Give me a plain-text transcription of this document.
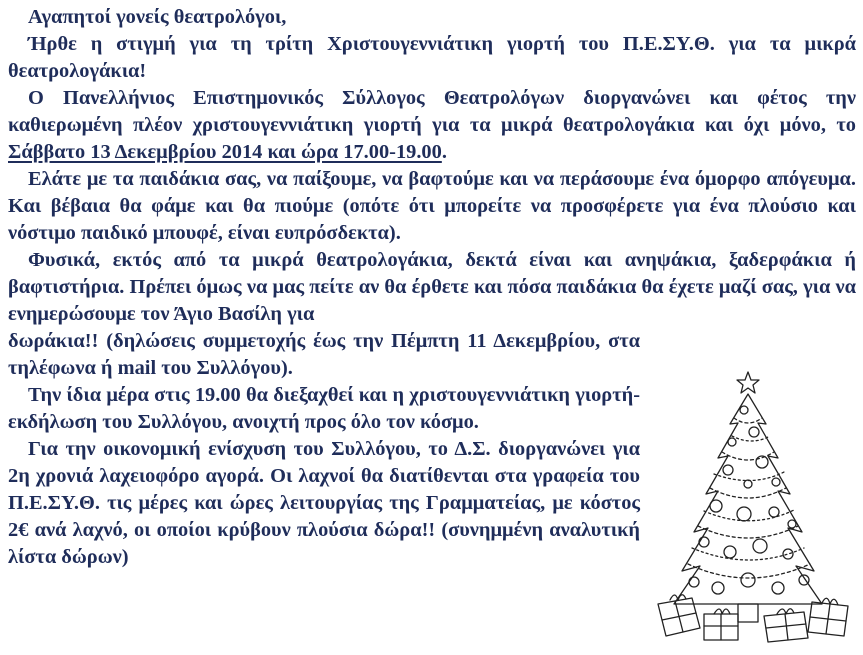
Αγαπητοί γονείς θεατρολόγοι,

Ήρθε η στιγμή για τη τρίτη Χριστουγεννιάτικη γιορτή του Π.Ε.ΣΥ.Θ. για τα μικρά θεατρολογάκια!

Ο Πανελλήνιος Επιστημονικός Σύλλογος Θεατρολόγων διοργανώνει και φέτος την καθιερωμένη πλέον χριστουγεννιάτικη γιορτή για τα μικρά θεατρολογάκια και όχι μόνο, το Σάββατο 13 Δεκεμβρίου 2014 και ώρα 17.00-19.00.

Ελάτε με τα παιδάκια σας, να παίξουμε, να βαφτούμε και να περάσουμε ένα όμορφο απόγευμα. Και βέβαια θα φάμε και θα πιούμε (οπότε ότι μπορείτε να προσφέρετε για ένα πλούσιο και νόστιμο παιδικό μπουφέ, είναι ευπρόσδεκτα).

Φυσικά, εκτός από τα μικρά θεατρολογάκια, δεκτά είναι και ανηψάκια, ξαδερφάκια ή βαφτιστήρια. Πρέπει όμως να μας πείτε αν θα έρθετε και πόσα παιδάκια θα έχετε μαζί σας, για να ενημερώσουμε τον Άγιο Βασίλη για

δωράκια!! (δηλώσεις συμμετοχής έως την Πέμπτη 11 Δεκεμβρίου, στα τηλέφωνα ή mail του Συλλόγου).

Την ίδια μέρα στις 19.00 θα διεξαχθεί και η χριστουγεννιάτικη γιορτή-εκδήλωση του Συλλόγου, ανοιχτή προς όλο τον κόσμο.

Για την οικονομική ενίσχυση του Συλλόγου, το Δ.Σ. διοργανώνει για 2η χρονιά λαχειοφόρο αγορά. Οι λαχνοί θα διατίθενται στα γραφεία του Π.Ε.ΣΥ.Θ. τις μέρες και ώρες λειτουργίας της Γραμματείας, με κόστος 2€ ανά λαχνό, οι οποίοι κρύβουν πλούσια δώρα!! (συνημμένη αναλυτική λίστα δώρων)
